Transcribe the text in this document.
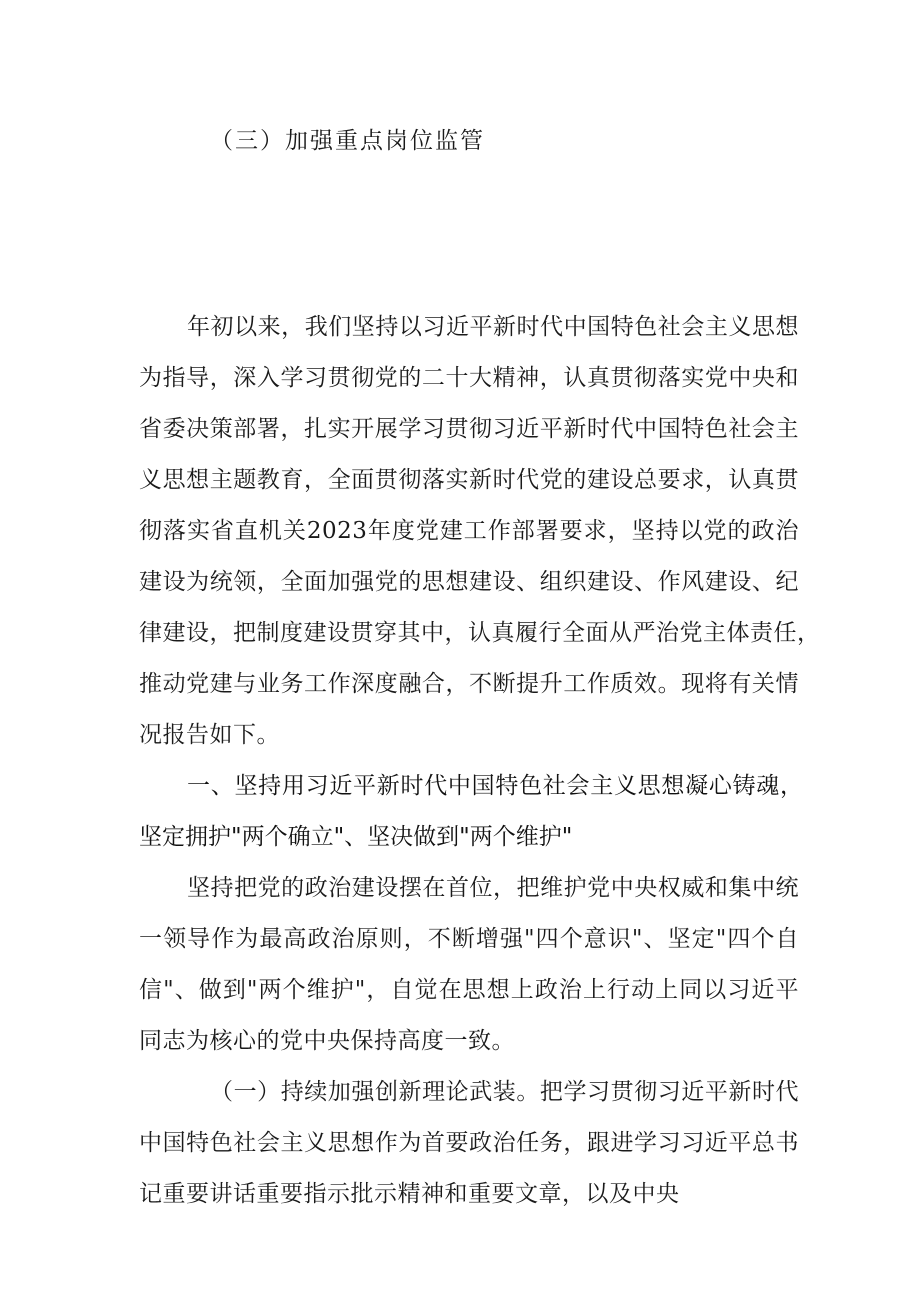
（三）加强重点岗位监管
年初以来，我们坚持以习近平新时代中国特色社会主义思想
为指导，深入学习贯彻党的二十大精神，认真贯彻落实党中央和
省委决策部署，扎实开展学习贯彻习近平新时代中国特色社会主
义思想主题教育，全面贯彻落实新时代党的建设总要求，认真贯
彻落实省直机关2023年度党建工作部署要求，坚持以党的政治
建设为统领，全面加强党的思想建设、组织建设、作风建设、纪
律建设，把制度建设贯穿其中，认真履行全面从严治党主体责任，
推动党建与业务工作深度融合，不断提升工作质效。现将有关情
况报告如下。
一、坚持用习近平新时代中国特色社会主义思想凝心铸魂，
坚定拥护"两个确立"、坚决做到"两个维护"
坚持把党的政治建设摆在首位，把维护党中央权威和集中统
一领导作为最高政治原则，不断增强"四个意识"、坚定"四个自
信"、做到"两个维护"，自觉在思想上政治上行动上同以习近平
同志为核心的党中央保持高度一致。
（一）持续加强创新理论武装。把学习贯彻习近平新时代
中国特色社会主义思想作为首要政治任务，跟进学习习近平总书
记重要讲话重要指示批示精神和重要文章，以及中央
